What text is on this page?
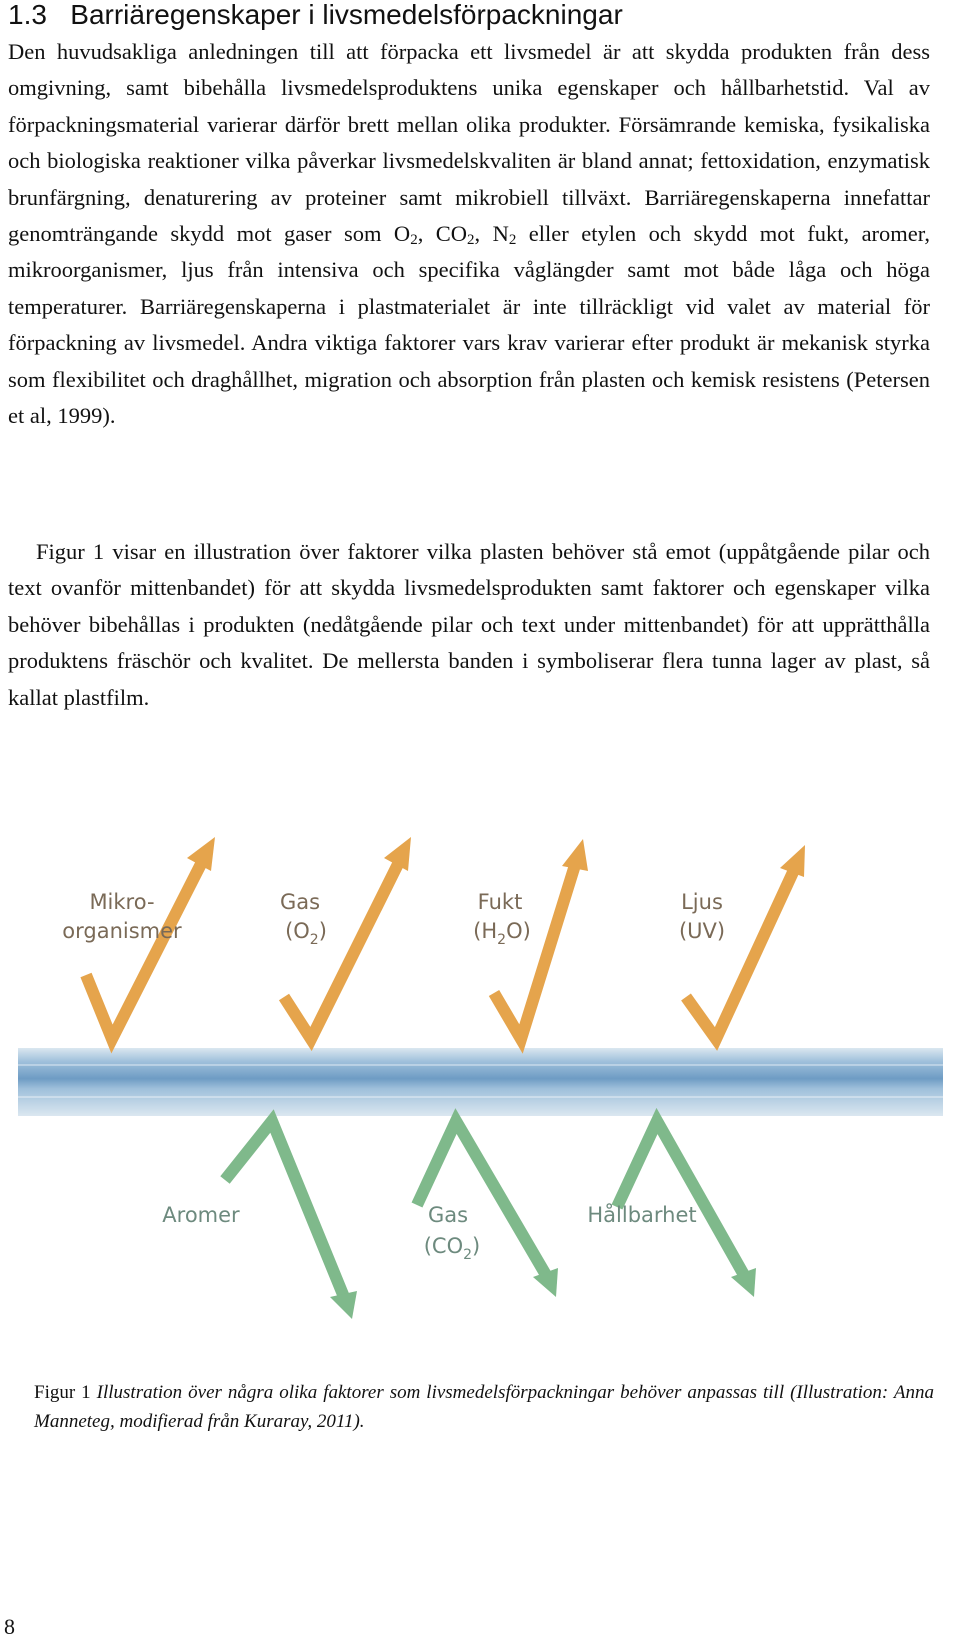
1.3 Barriäregenskaper i livsmedelsförpackningar

Den huvudsakliga anledningen till att förpacka ett livsmedel är att skydda produkten från dess omgivning, samt bibehålla livsmedelsproduktens unika egenskaper och hållbarhetstid. Val av förpackningsmaterial varierar därför brett mellan olika produkter. Försämrande kemiska, fysikaliska och biologiska reaktioner vilka påverkar livsmedelskvaliten är bland annat; fettoxidation, enzymatisk brunfärgning, denaturering av proteiner samt mikrobiell tillväxt. Barriäregenskaperna innefattar genomträngande skydd mot gaser som $O_2$, $CO_2$, $N_2$ eller etylen och skydd mot fukt, aromer, mikroorganismer, ljus från intensiva och specifika våglängder samt mot både låga och höga temperaturer. Barriäregenskaperna i plastmaterialet är inte tillräckligt vid valet av material för förpackning av livsmedel. Andra viktiga faktorer vars krav varierar efter produkt är mekanisk styrka som flexibilitet och draghållhet, migration och absorption från plasten och kemisk resistens (Petersen et al, 1999).

Figur 1 visar en illustration över faktorer vilka plasten behöver stå emot (uppåtgående pilar och text ovanför mittenbandet) för att skydda livsmedelsprodukten samt faktorer och egenskaper vilka behöver bibehållas i produkten (nedåtgående pilar och text under mittenbandet) för att upprätthålla produktens fräschör och kvalitet. De mellersta banden i symboliserar flera tunna lager av plast, så kallat plastfilm.

Mikro-
organismer
Gas
$(O_2)$
Fukt
$(H_2O)$
Ljus
(UV)
Aromer	Gas
$(CO_2)$
Hållbarhet

Figur 1 Illustration över några olika faktorer som livsmedelsförpackningar behöver anpassas till (Illustration: Anna Manneteg, modifierad från Kuraray, 2011).

8
